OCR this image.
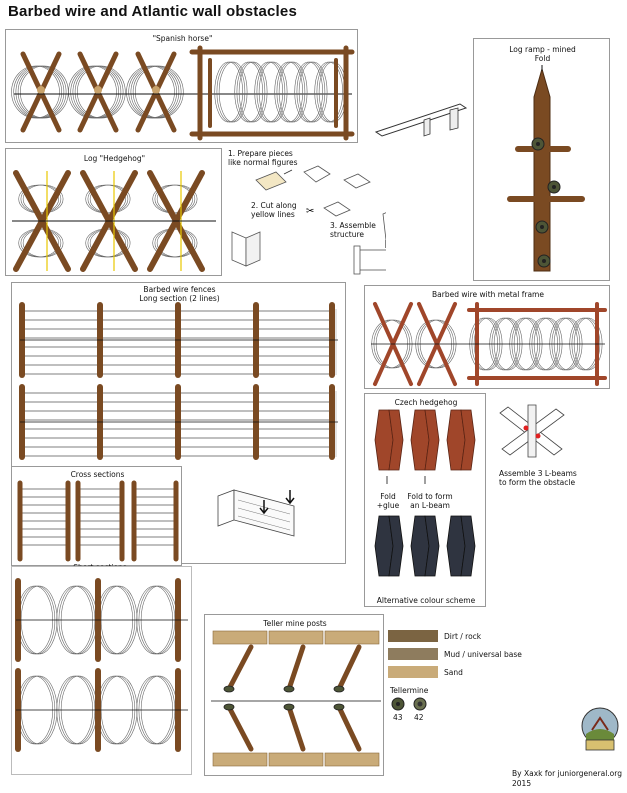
Barbed wire and Atlantic wall obstacles
"Spanish horse"
Log ramp - mined
Fold
Log "Hedgehog"
1. Prepare pieces
like normal figures
2. Cut along
yellow lines
3. Assemble
structure
✂
Barbed wire fences
Long section (2 lines)
Cross sections
Barbed wire with metal frame
Czech hedgehog
Fold
+glue
Fold to form
an L-beam
Alternative colour scheme
Assemble 3 L-beams
to form the obstacle
Teller mine posts
Dirt / rock
Mud / universal base
Sand
Tellermine
43 42
By Xaxk for juniorgeneral.org
2015
